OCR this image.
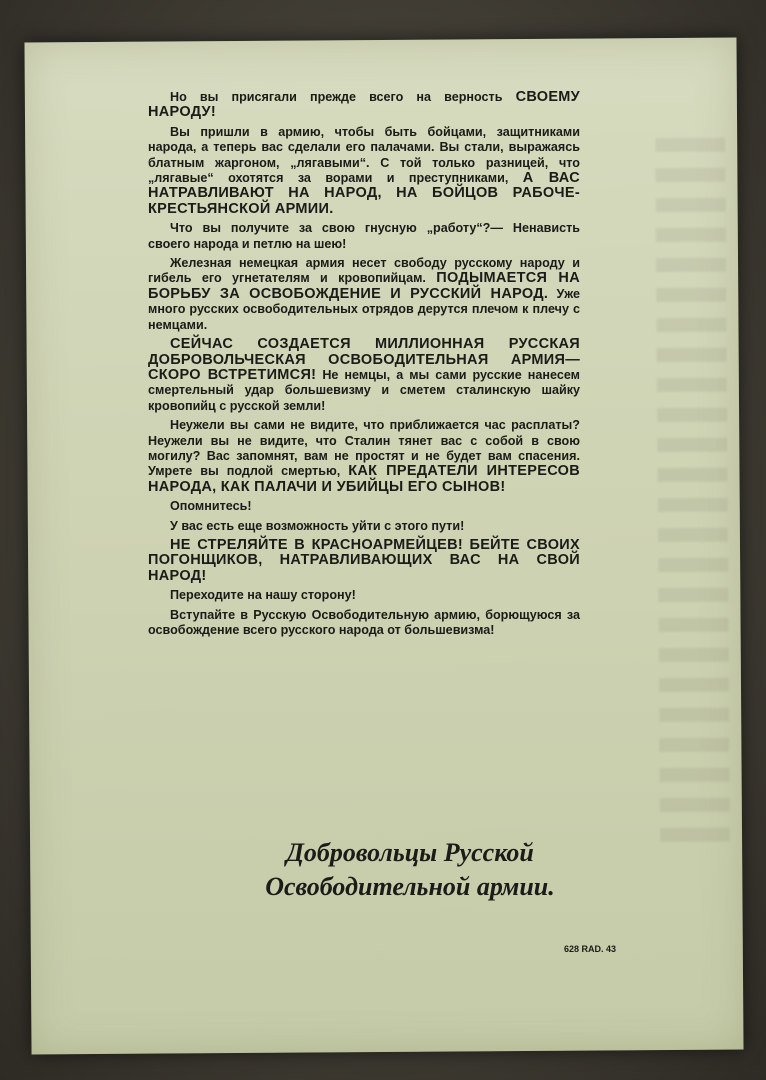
Но вы присягали прежде всего на верность СВОЕМУ НАРОДУ!

Вы пришли в армию, чтобы быть бойцами, защитниками народа, а теперь вас сделали его палачами. Вы стали, выражаясь блатным жаргоном, „лягавыми“. С той только разницей, что „лягавые“ охотятся за ворами и преступниками, А ВАС НАТРАВЛИВАЮТ НА НАРОД, НА БОЙЦОВ РАБОЧЕ-КРЕСТЬЯНСКОЙ АРМИИ.

Что вы получите за свою гнусную „работу“?— Ненависть своего народа и петлю на шею!

Железная немецкая армия несет свободу русскому народу и гибель его угнетателям и кровопийцам. ПОДЫМАЕТСЯ НА БОРЬБУ ЗА ОСВОБОЖДЕНИЕ И РУССКИЙ НАРОД. Уже много русских освободительных отрядов дерутся плечом к плечу с немцами.

СЕЙЧАС СОЗДАЕТСЯ МИЛЛИОННАЯ РУССКАЯ ДОБРОВОЛЬЧЕСКАЯ ОСВОБОДИТЕЛЬНАЯ АРМИЯ—СКОРО ВСТРЕТИМСЯ! Не немцы, а мы сами русские нанесем смертельный удар большевизму и сметем сталинскую шайку кровопийц с русской земли!

Неужели вы сами не видите, что приближается час расплаты? Неужели вы не видите, что Сталин тянет вас с собой в свою могилу? Вас запомнят, вам не простят и не будет вам спасения. Умрете вы подлой смертью, КАК ПРЕДАТЕЛИ ИНТЕРЕСОВ НАРОДА, КАК ПАЛАЧИ И УБИЙЦЫ ЕГО СЫНОВ!

Опомнитесь!

У вас есть еще возможность уйти с этого пути!

НЕ СТРЕЛЯЙТЕ В КРАСНОАРМЕЙЦЕВ! БЕЙТЕ СВОИХ ПОГОНЩИКОВ, НАТРАВЛИВАЮЩИХ ВАС НА СВОЙ НАРОД!

Переходите на нашу сторону!

Вступайте в Русскую Освободительную армию, борющуюся за освобождение всего русского народа от большевизма!

Добровольцы Русской
Освободительной армии.
628 RAD. 43
